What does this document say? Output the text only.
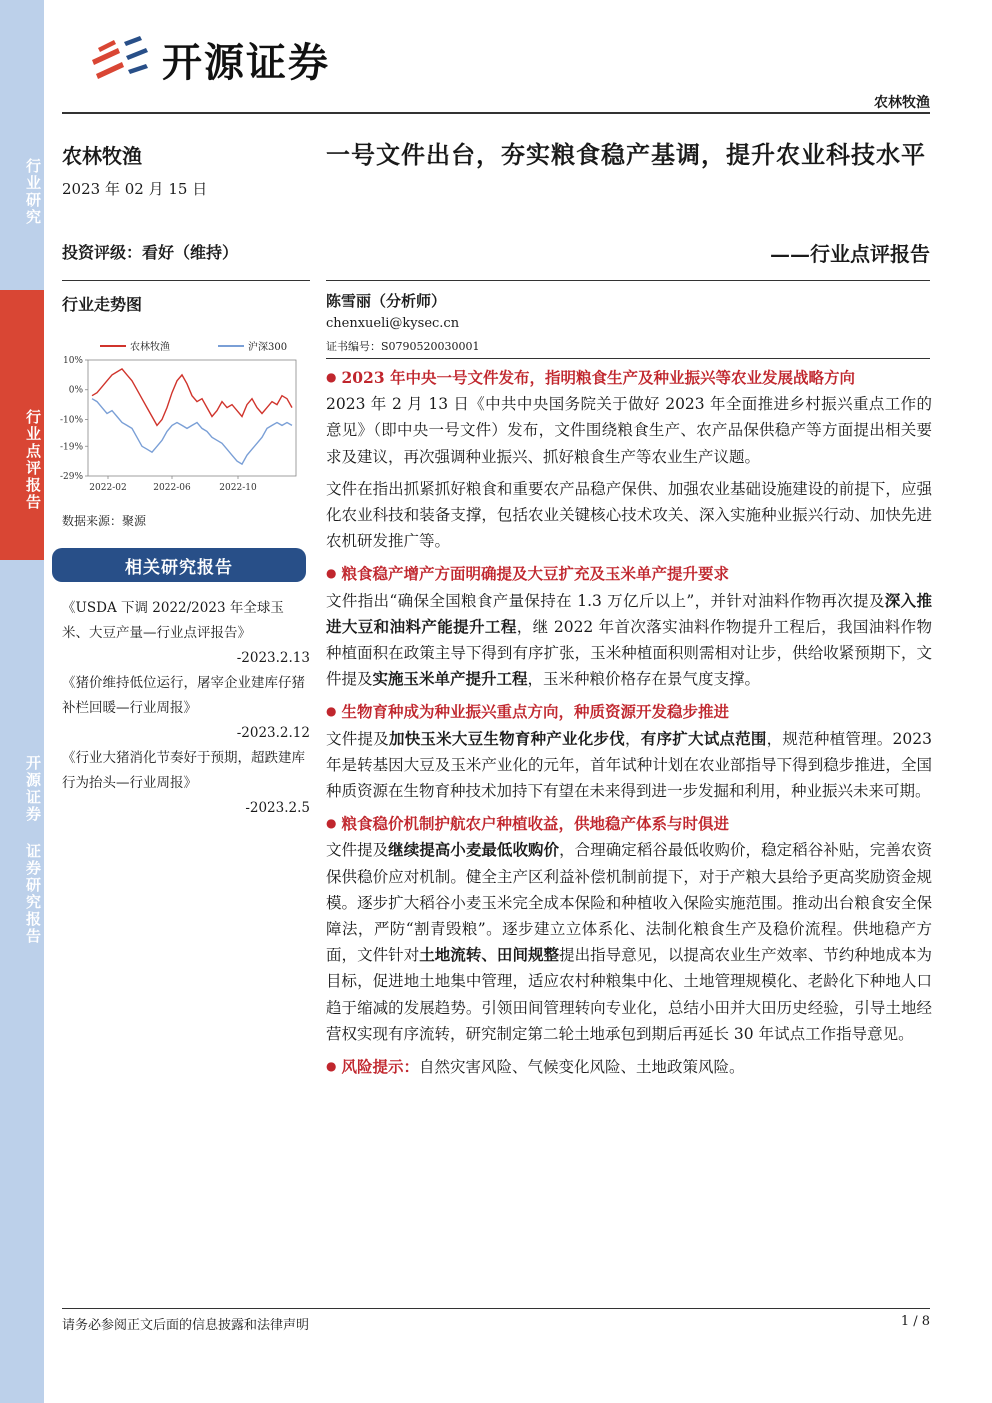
行业研究
行业点评报告
开源证券 证券研究报告
开源证券
农林牧渔
农林牧渔
2023 年 02 月 15 日
投资评级：看好（维持）
行业走势图
10%
0%
-10%
-19%
-29%
2022-02	2022-06	2022-10
农林牧渔	沪深300
数据来源：聚源
相关研究报告

《USDA 下调 2022/2023 年全球玉米、大豆产量—行业点评报告》
-2023.2.13

《猪价维持低位运行，屠宰企业建库仔猪补栏回暖—行业周报》
-2023.2.12

《行业大猪消化节奏好于预期，超跌建库行为抬头—行业周报》
-2023.2.5

一号文件出台，夯实粮食稳产基调，提升农业科技水平
——行业点评报告
陈雪丽（分析师）
chenxueli@kysec.cn
证书编号：S0790520030001

● 2023 年中央一号文件发布，指明粮食生产及种业振兴等农业发展战略方向

2023 年 2 月 13 日《中共中央国务院关于做好 2023 年全面推进乡村振兴重点工作的意见》（即中央一号文件）发布，文件围绕粮食生产、农产品保供稳产等方面提出相关要求及建议，再次强调种业振兴、抓好粮食生产等农业生产议题。

文件在指出抓紧抓好粮食和重要农产品稳产保供、加强农业基础设施建设的前提下，应强化农业科技和装备支撑，包括农业关键核心技术攻关、深入实施种业振兴行动、加快先进农机研发推广等。

● 粮食稳产增产方面明确提及大豆扩充及玉米单产提升要求

文件指出“确保全国粮食产量保持在 1.3 万亿斤以上”，并针对油料作物再次提及深入推进大豆和油料产能提升工程，继 2022 年首次落实油料作物提升工程后，我国油料作物种植面积在政策主导下得到有序扩张，玉米种植面积则需相对让步，供给收紧预期下，文件提及实施玉米单产提升工程，玉米种粮价格存在景气度支撑。

● 生物育种成为种业振兴重点方向，种质资源开发稳步推进

文件提及加快玉米大豆生物育种产业化步伐，有序扩大试点范围，规范种植管理。2023 年是转基因大豆及玉米产业化的元年，首年试种计划在农业部指导下得到稳步推进，全国种质资源在生物育种技术加持下有望在未来得到进一步发掘和利用，种业振兴未来可期。

● 粮食稳价机制护航农户种植收益，供地稳产体系与时俱进

文件提及继续提高小麦最低收购价，合理确定稻谷最低收购价，稳定稻谷补贴，完善农资保供稳价应对机制。健全主产区利益补偿机制前提下，对于产粮大县给予更高奖励资金规模。逐步扩大稻谷小麦玉米完全成本保险和种植收入保险实施范围。推动出台粮食安全保障法，严防“割青毁粮”。逐步建立立体系化、法制化粮食生产及稳价流程。供地稳产方面，文件针对土地流转、田间规整提出指导意见，以提高农业生产效率、节约种地成本为目标，促进地土地集中管理，适应农村种粮集中化、土地管理规模化、老龄化下种地人口趋于缩减的发展趋势。引领田间管理转向专业化，总结小田并大田历史经验，引导土地经营权实现有序流转，研究制定第二轮土地承包到期后再延长 30 年试点工作指导意见。

● 风险提示：自然灾害风险、气候变化风险、土地政策风险。

请务必参阅正文后面的信息披露和法律声明	1 / 8
